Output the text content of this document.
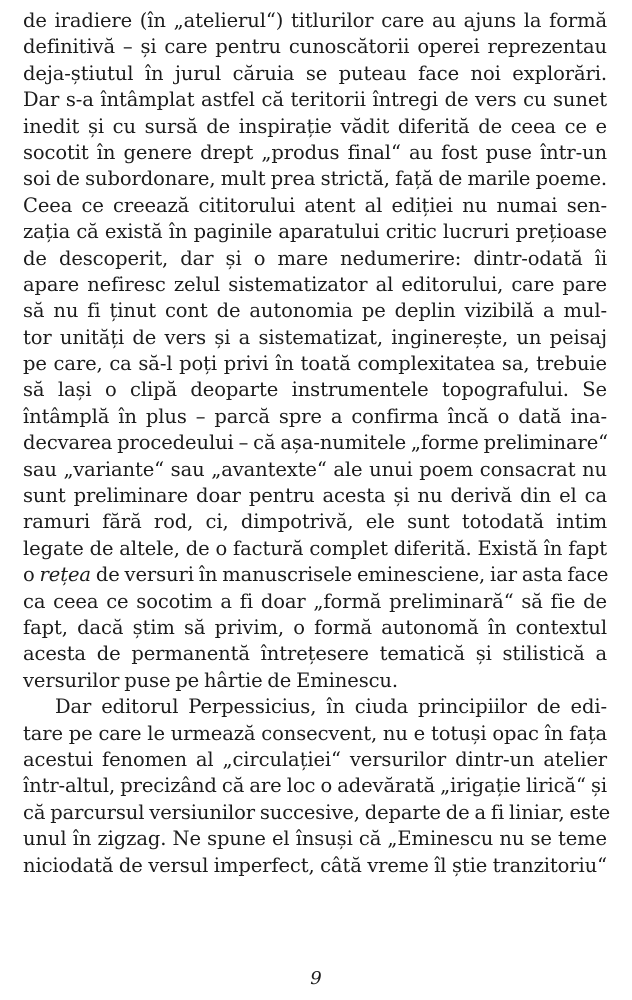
de iradiere (în „atelierul“) titlurilor care au ajuns la formă
definitivă – și care pentru cunoscătorii operei reprezentau
deja-știutul în jurul căruia se puteau face noi explorări.
Dar s-a întâmplat astfel că teritorii întregi de vers cu sunet
inedit și cu sursă de inspirație vădit diferită de ceea ce e
socotit în genere drept „produs final“ au fost puse într-un
soi de subordonare, mult prea strictă, față de marile poeme.
Ceea ce creează cititorului atent al ediției nu numai sen-
zația că există în paginile aparatului critic lucruri prețioase
de descoperit, dar și o mare nedumerire: dintr-odată îi
apare nefiresc zelul sistematizator al editorului, care pare
să nu fi ținut cont de autonomia pe deplin vizibilă a mul-
tor unități de vers și a sistematizat, inginerește, un peisaj
pe care, ca să-l poți privi în toată complexitatea sa, trebuie
să lași o clipă deoparte instrumentele topografului. Se
întâmplă în plus – parcă spre a confirma încă o dată ina-
decvarea procedeului – că așa-numitele „forme preliminare“
sau „variante“ sau „avantexte“ ale unui poem consacrat nu
sunt preliminare doar pentru acesta și nu derivă din el ca
ramuri fără rod, ci, dimpotrivă, ele sunt totodată intim
legate de altele, de o factură complet diferită. Există în fapt
o rețea de versuri în manuscrisele eminesciene, iar asta face
ca ceea ce socotim a fi doar „formă preliminară“ să fie de
fapt, dacă știm să privim, o formă autonomă în contextul
acesta de permanentă întrețesere tematică și stilistică a
versurilor puse pe hârtie de Eminescu.
Dar editorul Perpessicius, în ciuda principiilor de edi-
tare pe care le urmează consecvent, nu e totuși opac în fața
acestui fenomen al „circulației“ versurilor dintr-un atelier
într-altul, precizând că are loc o adevărată „irigație lirică“ și
că parcursul versiunilor succesive, departe de a fi liniar, este
unul în zigzag. Ne spune el însuși că „Eminescu nu se teme
niciodată de versul imperfect, câtă vreme îl știe tranzitoriu“
9
